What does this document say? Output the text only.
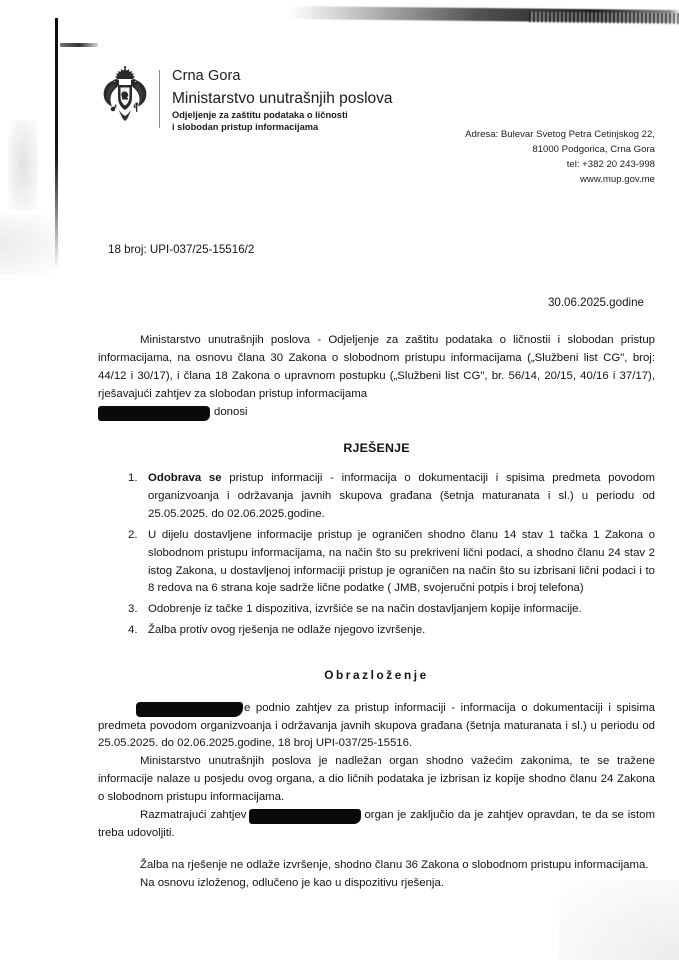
Crna Gora
Ministarstvo unutrašnjih poslova
Odjeljenje za zaštitu podataka o ličnosti
i slobodan pristup informacijama
Adresa: Bulevar Svetog Petra Cetinjskog 22,
81000 Podgorica, Crna Gora
tel: +382 20 243-998
www.mup.gov.me
18 broj: UPI-037/25-15516/2
30.06.2025.godine

Ministarstvo unutrašnjih poslova - Odjeljenje za zaštitu podataka o ličnostii i slobodan pristup informacijama, na osnovu člana 30 Zakona o slobodnom pristupu informacijama („Službeni list CG", broj: 44/12 i 30/17), i člana 18 Zakona o upravnom postupku („Službeni list CG", br. 56/14, 20/15, 40/16 i 37/17), rješavajući zahtjev za slobodan pristup informacijama
donosi

RJEŠENJE
Odobrava se pristup informaciji - informacija o dokumentaciji i spisima predmeta povodom organizvoanja i održavanja javnih skupova građana (šetnja maturanata i sl.) u periodu od 25.05.2025. do 02.06.2025.godine.
U dijelu dostavljene informacije pristup je ograničen shodno članu 14 stav 1 tačka 1 Zakona o slobodnom pristupu informacijama, na način što su prekriveni lični podaci, a shodno članu 24 stav 2 istog Zakona, u dostavljenoj informaciji pristup je ograničen na način što su izbrisani lični podaci i to 8 redova na 6 strana koje sadrže lične podatke ( JMB, svojeručni potpis i broj telefona)
Odobrenje iz tačke 1 dispozitiva, izvršiće se na način dostavljanjem kopije informacije.
Žalba protiv ovog rješenja ne odlaže njegovo izvršenje.
Obrazloženje

e podnio zahtjev za pristup informaciji - informacija o dokumentaciji i spisima predmeta povodom organizvoanja i održavanja javnih skupova građana (šetnja maturanata i sl.) u periodu od 25.05.2025. do 02.06.2025.godine, 18 broj UPI-037/25-15516.

Ministarstvo unutrašnjih poslova je nadležan organ shodno važećim zakonima, te se tražene informacije nalaze u posjedu ovog organa, a dio ličnih podataka je izbrisan iz kopije shodno članu 24 Zakona o slobodnom pristupu informacijama.

Razmatrajući zahtjev	organ je zaključio da je zahtjev opravdan, te da se istom treba udovoljiti.

Žalba na rješenje ne odlaže izvršenje, shodno članu 36 Zakona o slobodnom pristupu informacijama.

Na osnovu izloženog, odlučeno je kao u dispozitivu rješenja.
